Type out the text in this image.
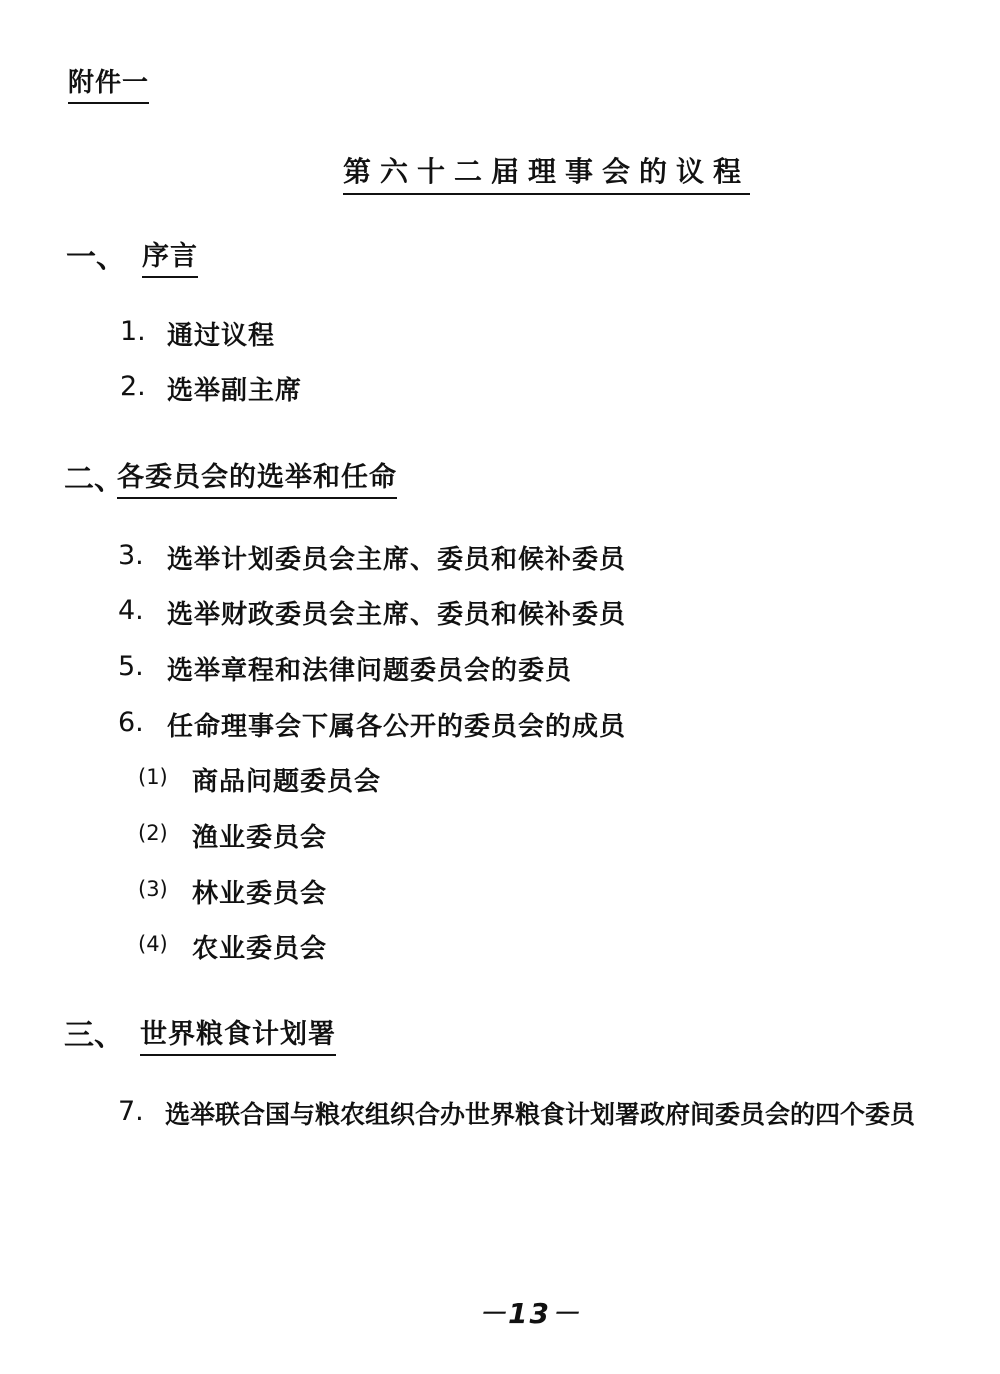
附件一
第六十二届理事会的议程
一、 序言
1. 通过议程
2. 选举副主席
二、
各委员会的选举和任命
3. 选举计划委员会主席、委员和候补委员
4. 选举财政委员会主席、委员和候补委员
5. 选举章程和法律问题委员会的委员
6. 任命理事会下属各公开的委员会的成员
(1) 商品问题委员会
(2) 渔业委员会
(3) 林业委员会
(4) 农业委员会
三、 世界粮食计划署
7. 选举联合国与粮农组织合办世界粮食计划署政府间委员会的四个委员
－13－
